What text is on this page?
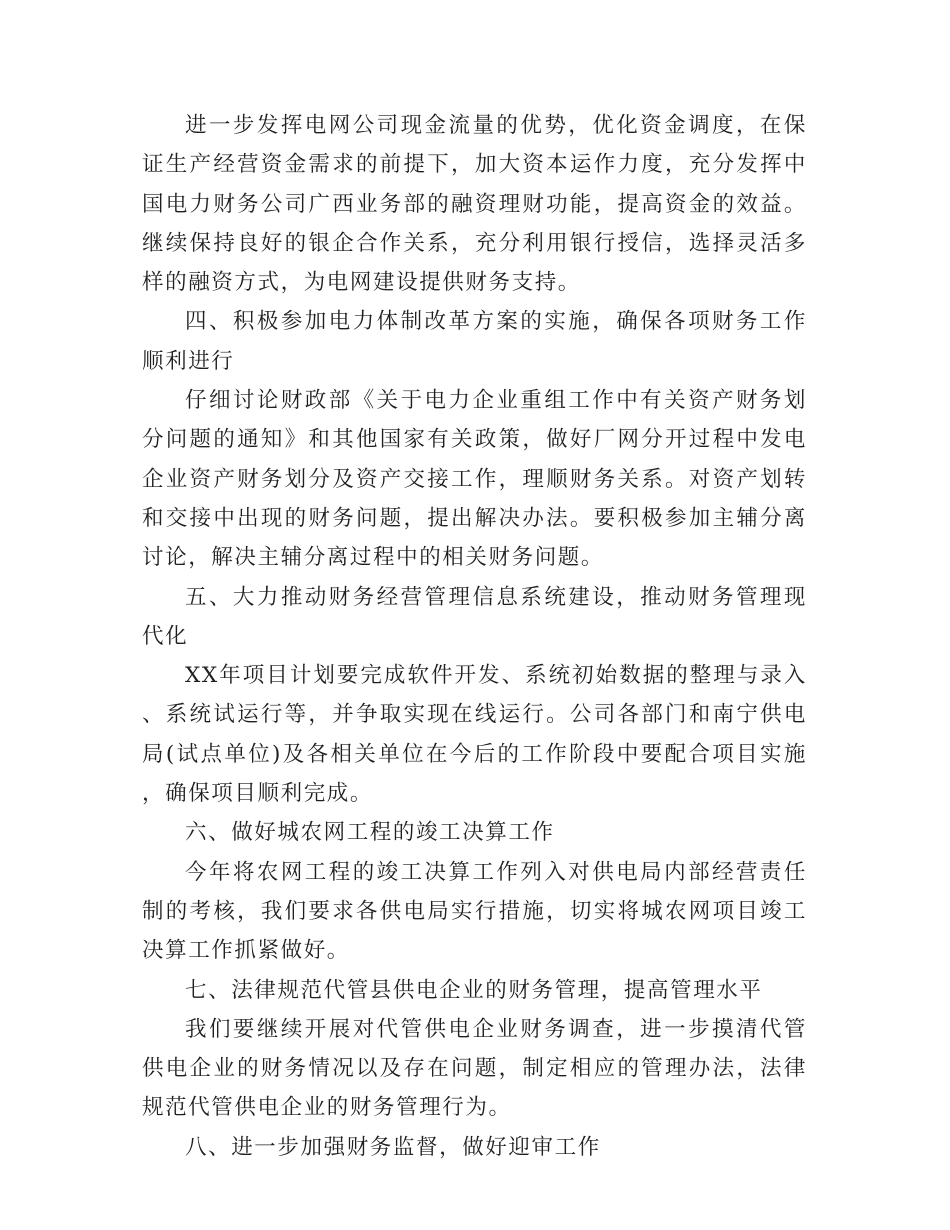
进一步发挥电网公司现金流量的优势，优化资金调度，在保证生产经营资金需求的前提下，加大资本运作力度，充分发挥中国电力财务公司广西业务部的融资理财功能，提高资金的效益。继续保持良好的银企合作关系，充分利用银行授信，选择灵活多样的融资方式，为电网建设提供财务支持。

四、积极参加电力体制改革方案的实施，确保各项财务工作顺利进行

仔细讨论财政部《关于电力企业重组工作中有关资产财务划分问题的通知》和其他国家有关政策，做好厂网分开过程中发电企业资产财务划分及资产交接工作，理顺财务关系。对资产划转和交接中出现的财务问题，提出解决办法。要积极参加主辅分离讨论，解决主辅分离过程中的相关财务问题。

五、大力推动财务经营管理信息系统建设，推动财务管理现代化

XX年项目计划要完成软件开发、系统初始数据的整理与录入、系统试运行等，并争取实现在线运行。公司各部门和南宁供电局(试点单位)及各相关单位在今后的工作阶段中要配合项目实施，确保项目顺利完成。

六、做好城农网工程的竣工决算工作

今年将农网工程的竣工决算工作列入对供电局内部经营责任制的考核，我们要求各供电局实行措施，切实将城农网项目竣工决算工作抓紧做好。

七、法律规范代管县供电企业的财务管理，提高管理水平

我们要继续开展对代管供电企业财务调查，进一步摸清代管供电企业的财务情况以及存在问题，制定相应的管理办法，法律规范代管供电企业的财务管理行为。

八、进一步加强财务监督，做好迎审工作
